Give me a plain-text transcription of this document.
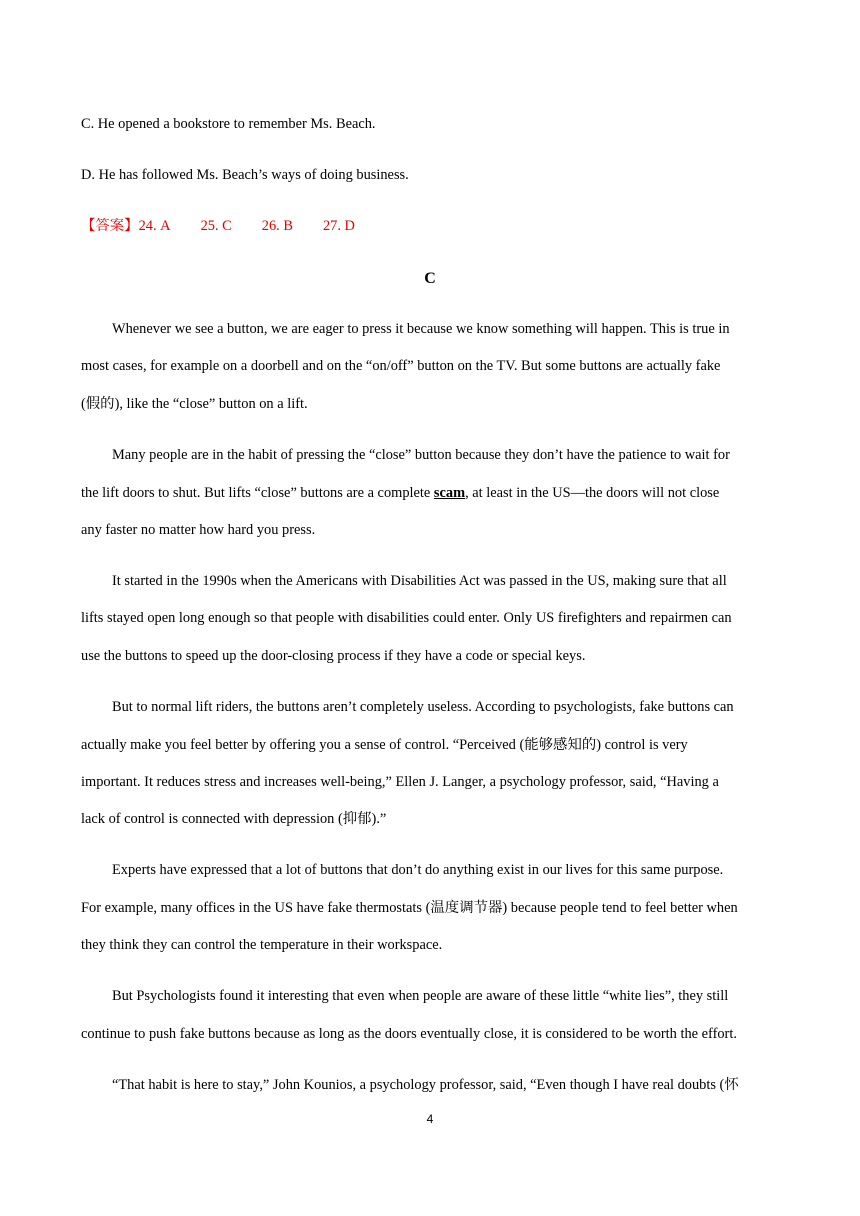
C. He opened a bookstore to remember Ms. Beach.
D. He has followed Ms. Beach’s ways of doing business.
【答案】24. A 25. C 26. B 27. D
C
Whenever we see a button, we are eager to press it because we know something will happen. This is true in
most cases, for example on a doorbell and on the “on/off” button on the TV. But some buttons are actually fake
(假的), like the “close” button on a lift.
Many people are in the habit of pressing the “close” button because they don’t have the patience to wait for
the lift doors to shut. But lifts “close” buttons are a complete scam, at least in the US—the doors will not close
any faster no matter how hard you press.
It started in the 1990s when the Americans with Disabilities Act was passed in the US, making sure that all
lifts stayed open long enough so that people with disabilities could enter. Only US firefighters and repairmen can
use the buttons to speed up the door-closing process if they have a code or special keys.
But to normal lift riders, the buttons aren’t completely useless. According to psychologists, fake buttons can
actually make you feel better by offering you a sense of control. “Perceived (能够感知的) control is very
important. It reduces stress and increases well-being,” Ellen J. Langer, a psychology professor, said, “Having a
lack of control is connected with depression (抑郁).”
Experts have expressed that a lot of buttons that don’t do anything exist in our lives for this same purpose.
For example, many offices in the US have fake thermostats (温度调节器) because people tend to feel better when
they think they can control the temperature in their workspace.
But Psychologists found it interesting that even when people are aware of these little “white lies”, they still
continue to push fake buttons because as long as the doors eventually close, it is considered to be worth the effort.
“That habit is here to stay,” John Kounios, a psychology professor, said, “Even though I have real doubts (怀
4
